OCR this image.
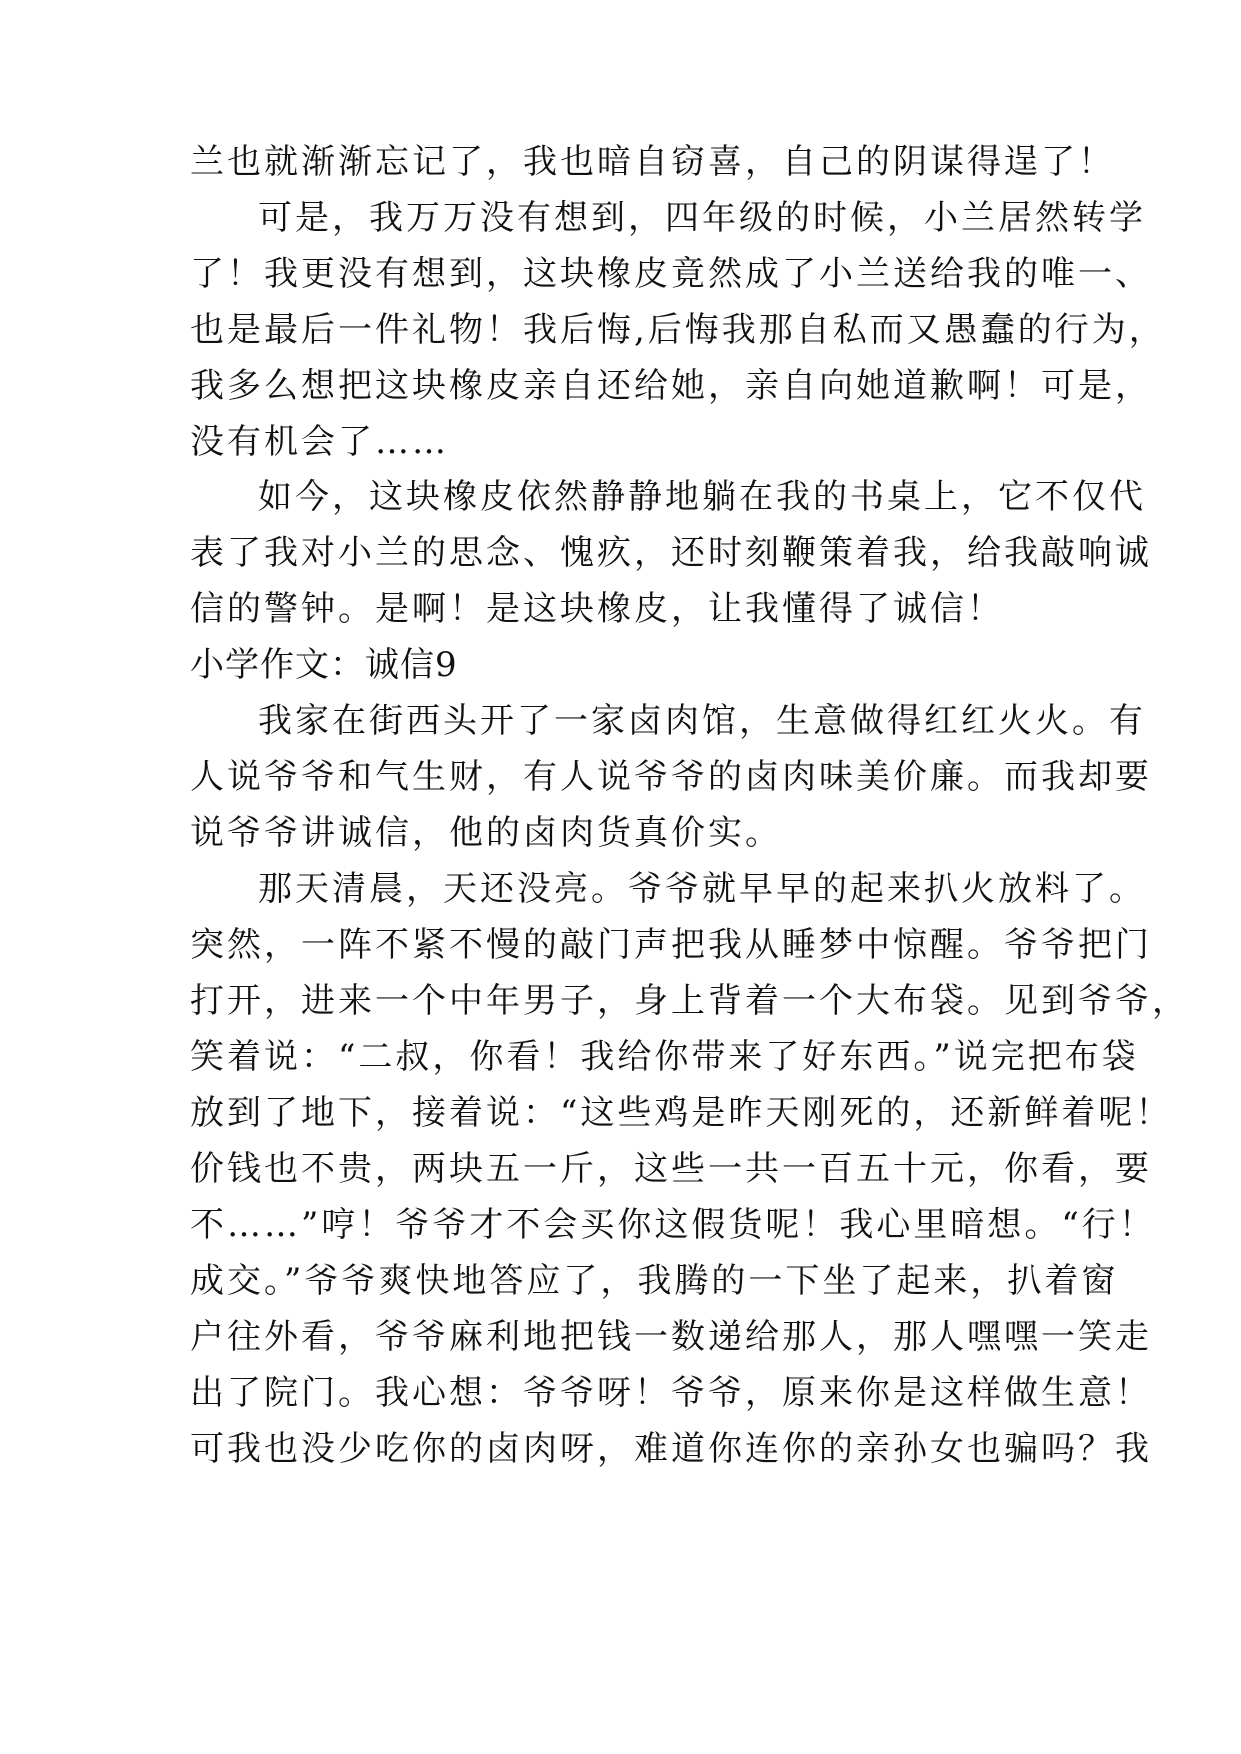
兰也就渐渐忘记了，我也暗自窃喜，自己的阴谋得逞了！
可是，我万万没有想到，四年级的时候，小兰居然转学
了！我更没有想到，这块橡皮竟然成了小兰送给我的唯一、
也是最后一件礼物！我后悔,后悔我那自私而又愚蠢的行为，
我多么想把这块橡皮亲自还给她，亲自向她道歉啊！可是，
没有机会了……
如今，这块橡皮依然静静地躺在我的书桌上，它不仅代
表了我对小兰的思念、愧疚，还时刻鞭策着我，给我敲响诚
信的警钟。是啊！是这块橡皮，让我懂得了诚信！
小学作文：诚信9
我家在街西头开了一家卤肉馆，生意做得红红火火。有
人说爷爷和气生财，有人说爷爷的卤肉味美价廉。而我却要
说爷爷讲诚信，他的卤肉货真价实。
那天清晨，天还没亮。爷爷就早早的起来扒火放料了。
突然，一阵不紧不慢的敲门声把我从睡梦中惊醒。爷爷把门
打开，进来一个中年男子，身上背着一个大布袋。见到爷爷，
笑着说：“二叔，你看！我给你带来了好东西。”说完把布袋
放到了地下，接着说：“这些鸡是昨天刚死的，还新鲜着呢！
价钱也不贵，两块五一斤，这些一共一百五十元，你看，要
不……”哼！爷爷才不会买你这假货呢！我心里暗想。“行！
成交。”爷爷爽快地答应了，我腾的一下坐了起来，扒着窗
户往外看，爷爷麻利地把钱一数递给那人，那人嘿嘿一笑走
出了院门。我心想：爷爷呀！爷爷，原来你是这样做生意！
可我也没少吃你的卤肉呀，难道你连你的亲孙女也骗吗？我
